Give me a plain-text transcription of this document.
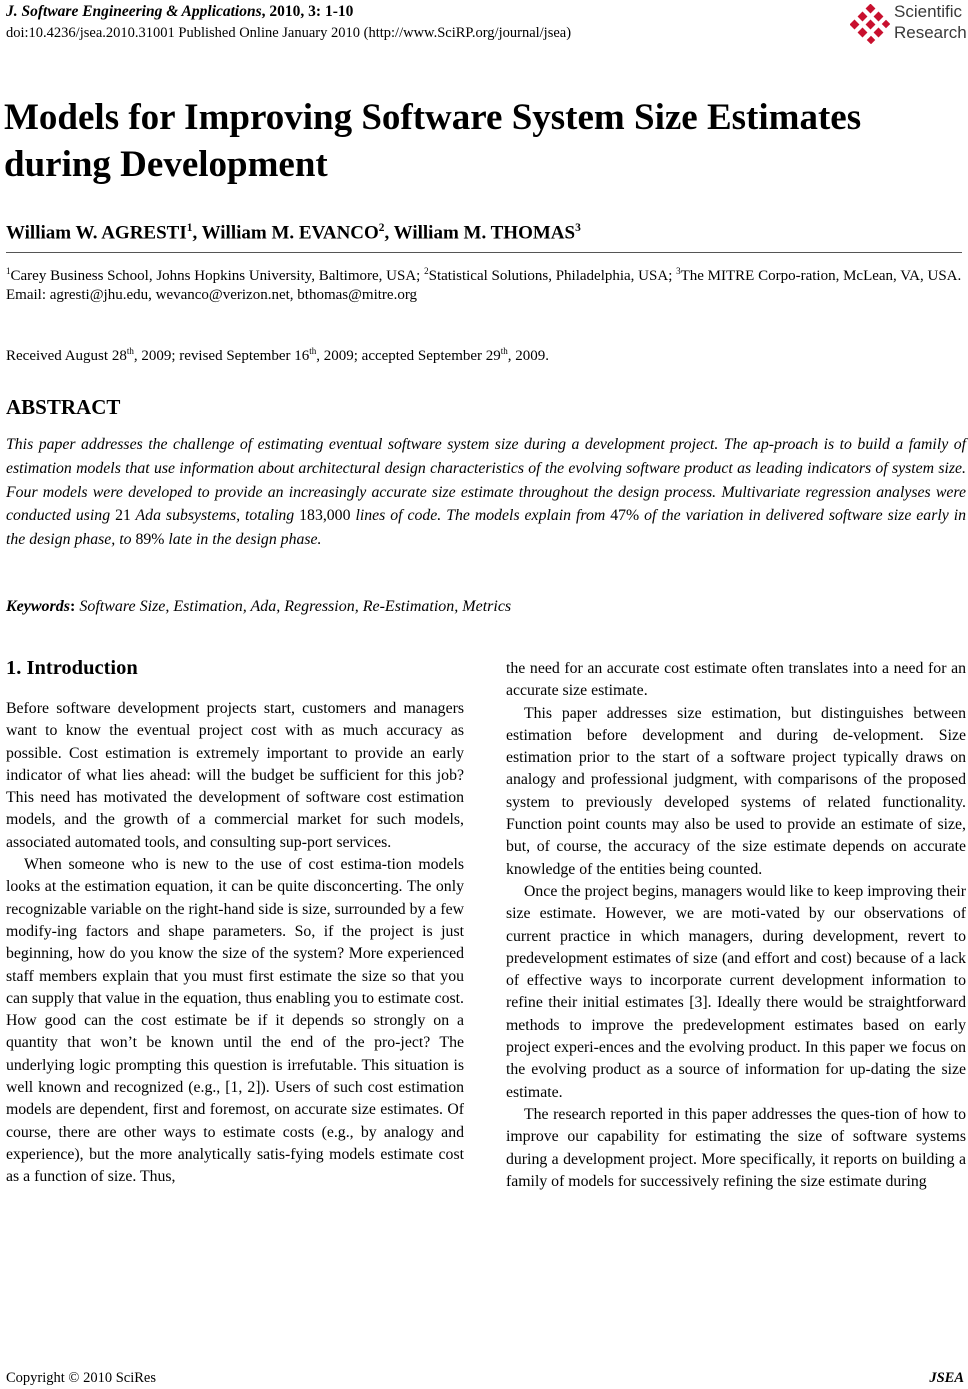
J. Software Engineering & Applications, 2010, 3: 1-10
doi:10.4236/jsea.2010.31001 Published Online January 2010 (http://www.SciRP.org/journal/jsea)
Scientific
Research
Models for Improving Software System Size Estimates during Development
William W. AGRESTI$^1$, William M. EVANCO$^2$, William M. THOMAS$^3$
$^1$Carey Business School, Johns Hopkins University, Baltimore, USA; $^2$Statistical Solutions, Philadelphia, USA; $^3$The MITRE Corpo-ration, McLean, VA, USA.
Email: agresti@jhu.edu, wevanco@verizon.net, bthomas@mitre.org
Received August 28th, 2009; revised September 16th, 2009; accepted September 29th, 2009.
ABSTRACT

This paper addresses the challenge of estimating eventual software system size during a development project. The ap-proach is to build a family of estimation models that use information about architectural design characteristics of the evolving software product as leading indicators of system size. Four models were developed to provide an increasingly accurate size estimate throughout the design process. Multivariate regression analyses were conducted using 21 Ada subsystems, totaling 183,000 lines of code. The models explain from 47% of the variation in delivered software size early in the design phase, to 89% late in the design phase.

Keywords: Software Size, Estimation, Ada, Regression, Re-Estimation, Metrics
1. Introduction

Before software development projects start, customers and managers want to know the eventual project cost with as much accuracy as possible. Cost estimation is extremely important to provide an early indicator of what lies ahead: will the budget be sufficient for this job? This need has motivated the development of software cost estimation models, and the growth of a commercial market for such models, associated automated tools, and consulting sup-port services.

When someone who is new to the use of cost estima-tion models looks at the estimation equation, it can be quite disconcerting. The only recognizable variable on the right-hand side is size, surrounded by a few modify-ing factors and shape parameters. So, if the project is just beginning, how do you know the size of the system? More experienced staff members explain that you must first estimate the size so that you can supply that value in the equation, thus enabling you to estimate cost. How good can the cost estimate be if it depends so strongly on a quantity that won’t be known until the end of the pro-ject? The underlying logic prompting this question is irrefutable. This situation is well known and recognized (e.g., [1, 2]). Users of such cost estimation models are dependent, first and foremost, on accurate size estimates. Of course, there are other ways to estimate costs (e.g., by analogy and experience), but the more analytically satis-fying models estimate cost as a function of size. Thus,

the need for an accurate cost estimate often translates into a need for an accurate size estimate.

This paper addresses size estimation, but distinguishes between estimation before development and during de-velopment. Size estimation prior to the start of a software project typically draws on analogy and professional judgment, with comparisons of the proposed system to previously developed systems of related functionality. Function point counts may also be used to provide an estimate of size, but, of course, the accuracy of the size estimate depends on accurate knowledge of the entities being counted.

Once the project begins, managers would like to keep improving their size estimate. However, we are moti-vated by our observations of current practice in which managers, during development, revert to predevelopment estimates of size (and effort and cost) because of a lack of effective ways to incorporate current development information to refine their initial estimates [3]. Ideally there would be straightforward methods to improve the predevelopment estimates based on early project experi-ences and the evolving product. In this paper we focus on the evolving product as a source of information for up-dating the size estimate.

The research reported in this paper addresses the ques-tion of how to improve our capability for estimating the size of software systems during a development project. More specifically, it reports on building a family of models for successively refining the size estimate during

Copyright © 2010 SciRes	JSEA
